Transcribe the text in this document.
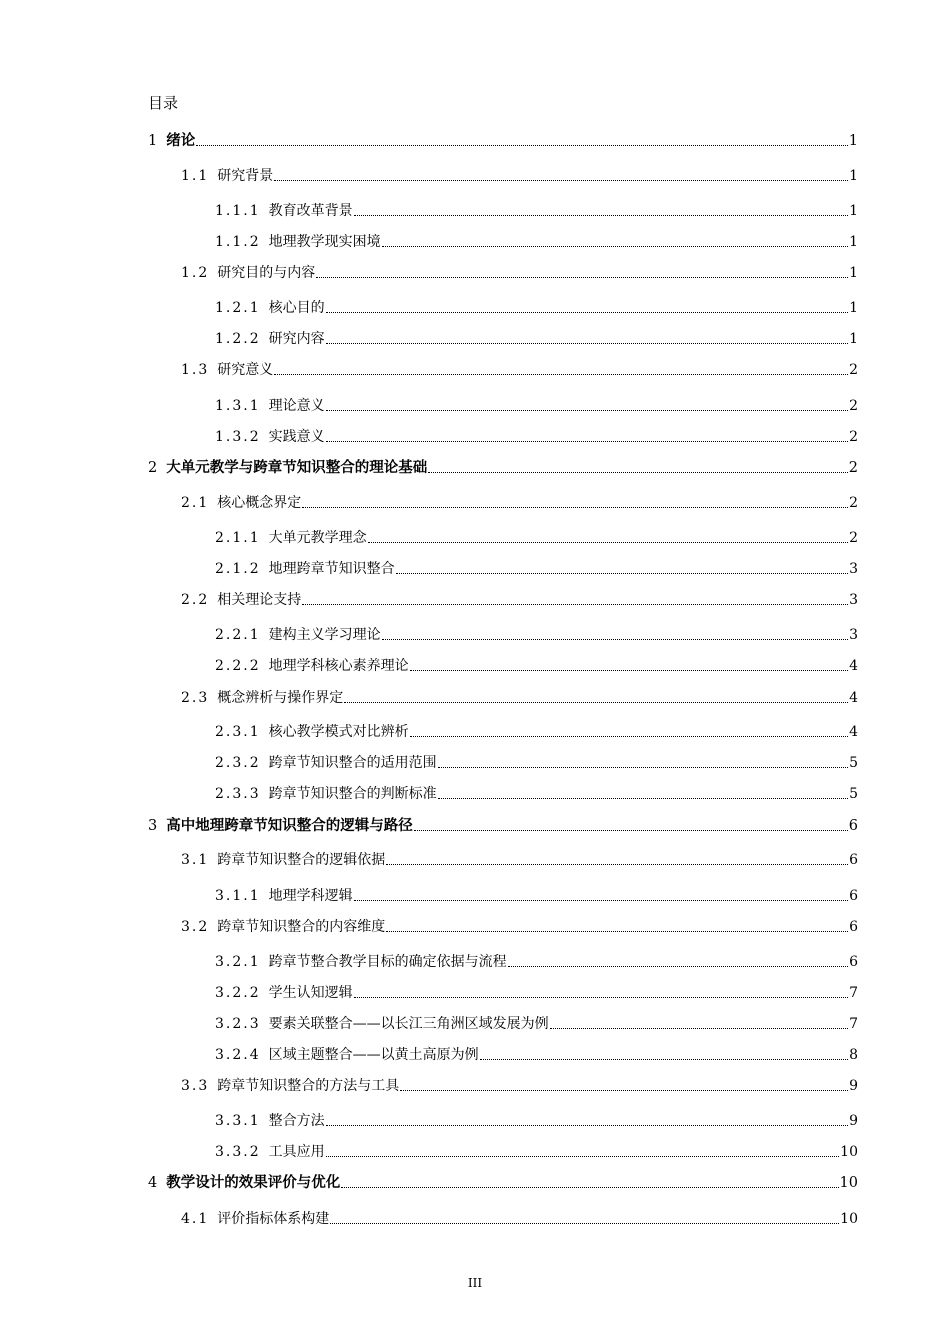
目录
1 绪论	1
1.1 研究背景	1
1.1.1 教育改革背景	1
1.1.2 地理教学现实困境	1
1.2 研究目的与内容	1
1.2.1 核心目的	1
1.2.2 研究内容	1
1.3 研究意义	2
1.3.1 理论意义	2
1.3.2 实践意义	2
2 大单元教学与跨章节知识整合的理论基础	2
2.1 核心概念界定	2
2.1.1 大单元教学理念	2
2.1.2 地理跨章节知识整合	3
2.2 相关理论支持	3
2.2.1 建构主义学习理论	3
2.2.2 地理学科核心素养理论	4
2.3 概念辨析与操作界定	4
2.3.1 核心教学模式对比辨析	4
2.3.2 跨章节知识整合的适用范围	5
2.3.3 跨章节知识整合的判断标准	5
3 高中地理跨章节知识整合的逻辑与路径	6
3.1 跨章节知识整合的逻辑依据	6
3.1.1 地理学科逻辑	6
3.2 跨章节知识整合的内容维度	6
3.2.1 跨章节整合教学目标的确定依据与流程	6
3.2.2 学生认知逻辑	7
3.2.3 要素关联整合——以长江三角洲区域发展为例	7
3.2.4 区域主题整合——以黄土高原为例	8
3.3 跨章节知识整合的方法与工具	9
3.3.1 整合方法	9
3.3.2 工具应用	10
4 教学设计的效果评价与优化	10
4.1 评价指标体系构建	10
III
